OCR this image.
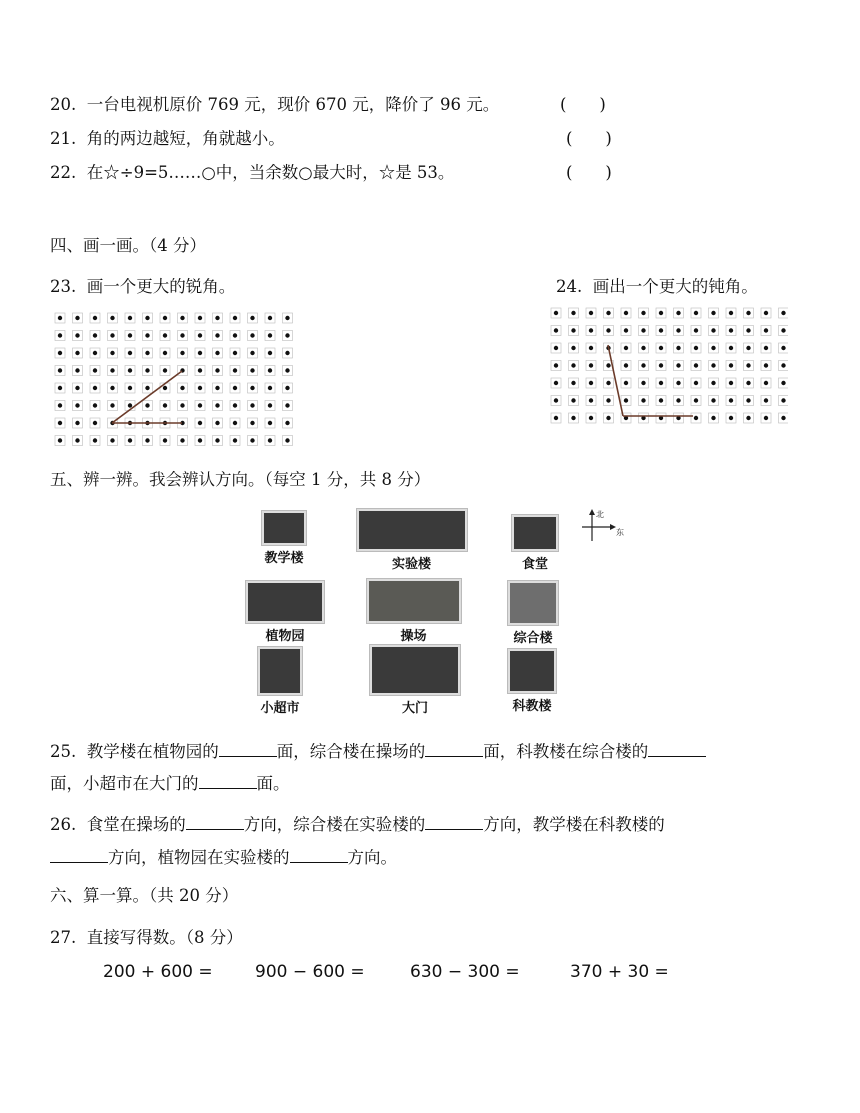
20. 一台电视机原价 769 元，现价 670 元，降价了 96 元。	(　　)
21. 角的两边越短，角就越小。	(　　)
22. 在☆÷9=5……○中，当余数○最大时，☆是 53。	(　　)
四、画一画。（4 分）
23. 画一个更大的锐角。	24. 画出一个更大的钝角。
五、辨一辨。我会辨认方向。（每空 1 分，共 8 分）
教学楼	实验楼	食堂
北
东
植物园	操场	综合楼
小超市	大门	科教楼
25. 教学楼在植物园的	面，综合楼在操场的	面，科教楼在综合楼的
面，小超市在大门的	面。
26. 食堂在操场的	方向，综合楼在实验楼的	方向，教学楼在科教楼的
方向，植物园在实验楼的	方向。
六、算一算。（共 20 分）
27. 直接写得数。（8 分）
200 + 600 = 900 − 600 =	630 − 300 =	370 + 30 =
